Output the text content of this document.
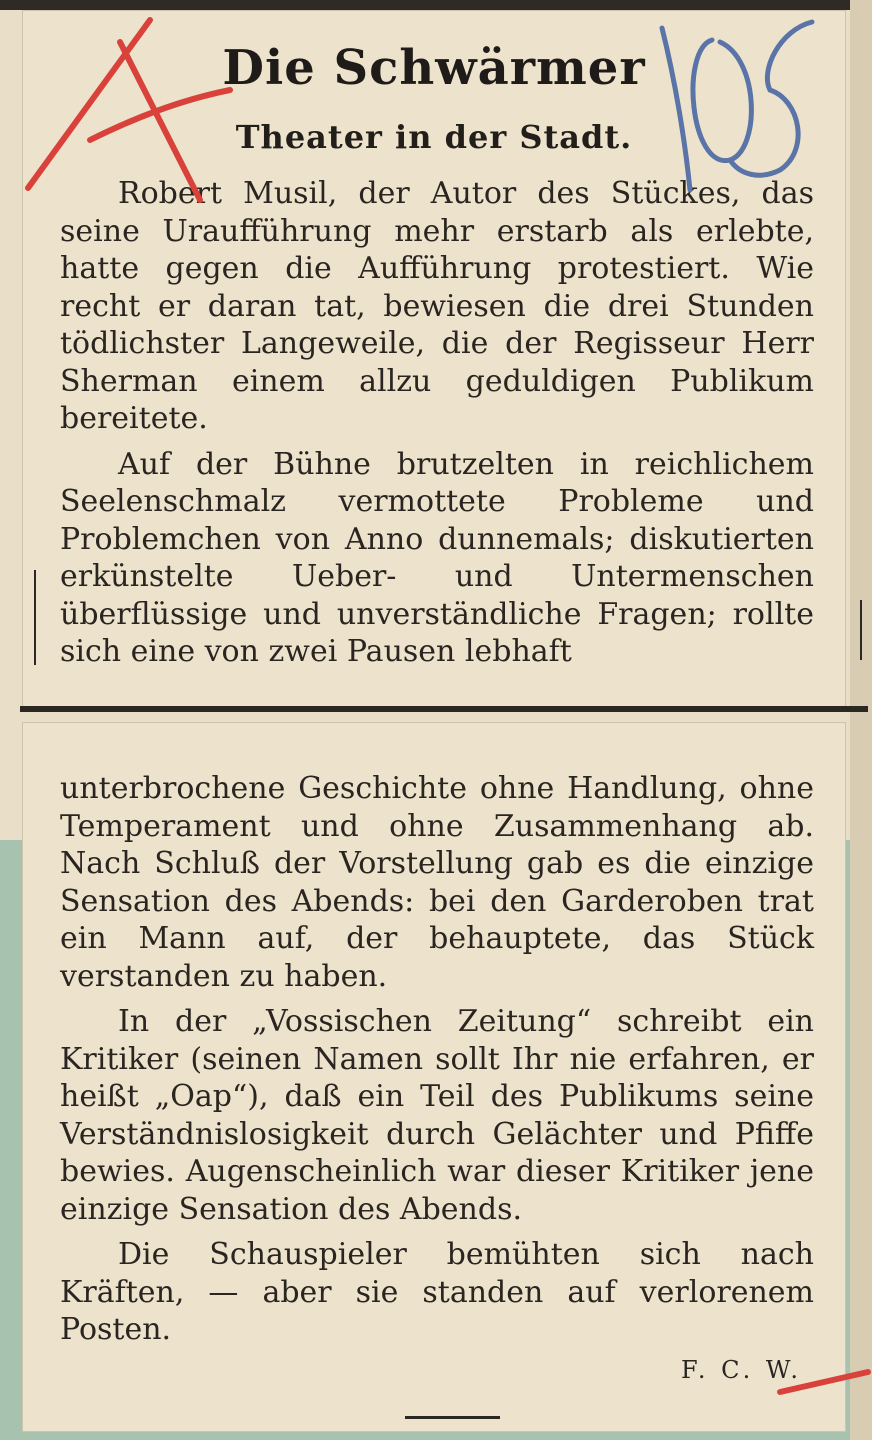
Die Schwärmer
Theater in der Stadt.

Robert Musil, der Autor des Stückes, das seine Uraufführung mehr erstarb als erlebte, hatte gegen die Aufführung protestiert. Wie recht er daran tat, bewiesen die drei Stunden tödlichster Langeweile, die der Regisseur Herr Sherman einem allzu geduldigen Publikum bereitete.

Auf der Bühne brutzelten in reichlichem Seelenschmalz vermottete Probleme und Problemchen von Anno dunnemals; diskutierten erkünstelte Ueber- und Untermenschen überflüssige und unverständliche Fragen; rollte sich eine von zwei Pausen lebhaft

unterbrochene Geschichte ohne Handlung, ohne Temperament und ohne Zusammenhang ab. Nach Schluß der Vorstellung gab es die einzige Sensation des Abends: bei den Garderoben trat ein Mann auf, der behauptete, das Stück verstanden zu haben.

In der „Vossischen Zeitung“ schreibt ein Kritiker (seinen Namen sollt Ihr nie erfahren, er heißt „Oap“), daß ein Teil des Publikums seine Verständnislosigkeit durch Gelächter und Pfiffe bewies. Augenscheinlich war dieser Kritiker jene einzige Sensation des Abends.

Die Schauspieler bemühten sich nach Kräften, — aber sie standen auf verlorenem Posten.

F. C. W.
